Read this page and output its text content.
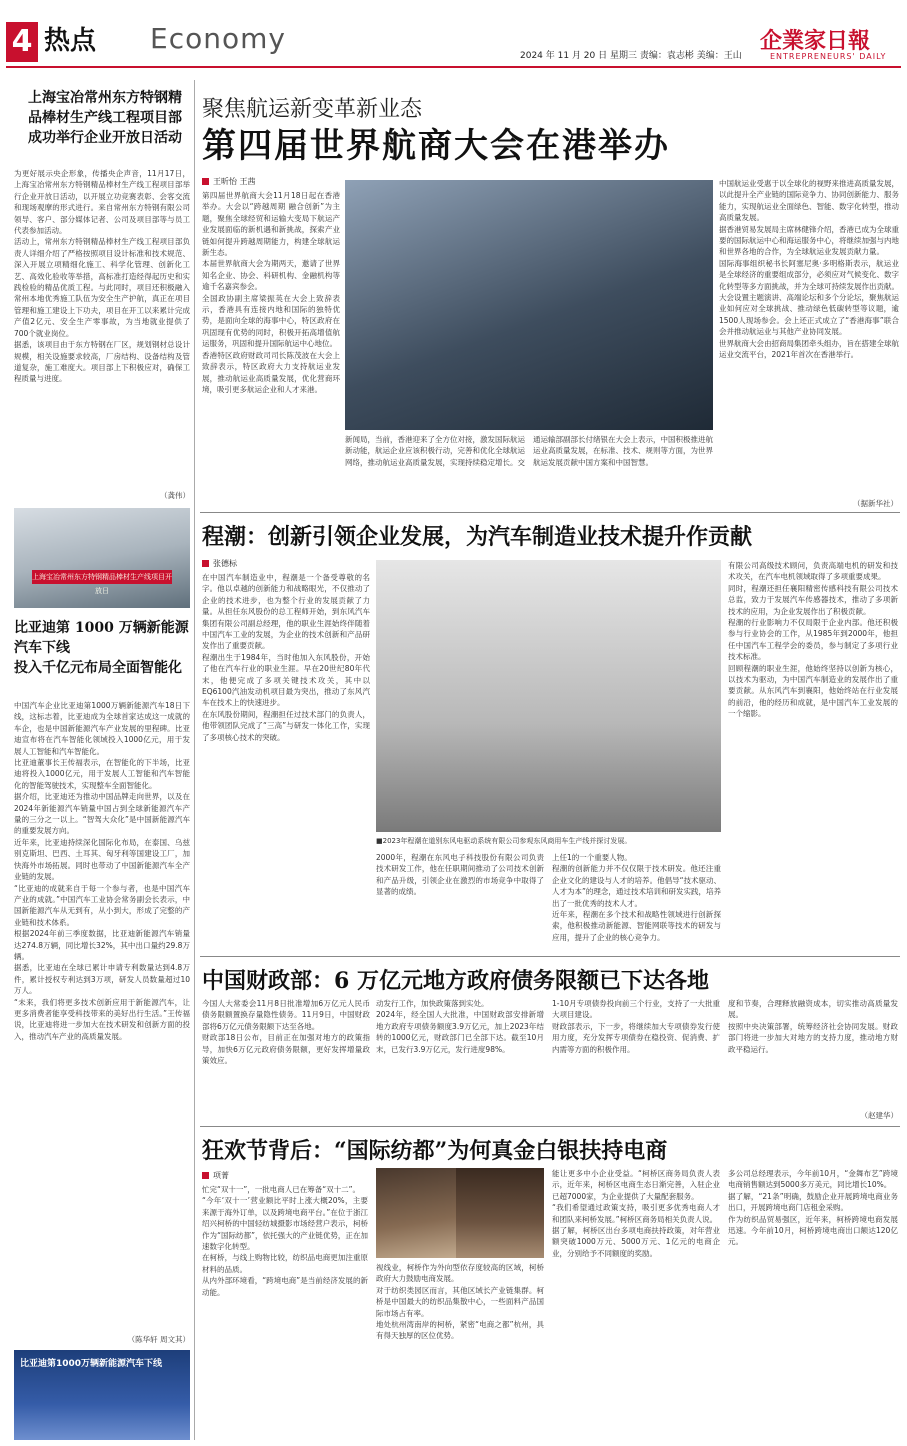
4 热点 Economy
2024 年 11 月 20 日 星期三 责编：袁志彬 美编：王山
企業家日報
ENTREPRENEURS' DAILY
上海宝冶常州东方特钢精品棒材生产线工程项目部成功举行企业开放日活动
为更好展示央企形象，传播央企声音，11月17日，上海宝冶常州东方特钢精品棒材生产线工程项目部举行企业开放日活动，以开展立功竞赛表彰、会客交流和现场观摩的形式进行。来自常州东方特钢有限公司领导、客户、部分媒体记者、公司及项目部等与员工代表参加活动。
活动上，常州东方特钢精品棒材生产线工程项目部负责人详细介绍了严格按照项目设计标准和技术规范、深入开展立项精细化施工、科学化管理、创新化工艺、高效化验收等举措，高标准打造经得起历史和实践检验的精品优质工程。与此同时，项目还积极融入常州本地优秀施工队伍为安全生产护航，真正在项目管理和施工建设上下功夫，项目在开工以来累计完成产值2亿元、安全生产零事故，为当地就业提供了700个就业岗位。
据悉，该项目由于东方特钢在厂区，规划钢材总设计规模，相关设施要求较高，厂房结构、设备结构及管道复杂，施工难度大。项目部上下积极应对，确保工程质量与进度。
（龚伟）
上海宝冶常州东方特钢精品棒材生产线项目开放日
比亚迪第 1000 万辆新能源汽车下线
投入千亿元布局全面智能化
中国汽车企业比亚迪第1000万辆新能源汽车18日下线，这标志着，比亚迪成为全球首家达成这一成就的车企，也是中国新能源汽车产业发展的里程碑。比亚迪宣布将在汽车智能化领域投入1000亿元，用于发展人工智能和汽车智能化。
比亚迪董事长王传福表示，在智能化的下半场，比亚迪将投入1000亿元，用于发展人工智能和汽车智能化的智能驾驶技术，实现整车全面智能化。
据介绍，比亚迪还为推动中国品牌走向世界，以及在2024年新能源汽车销量中国占到全球新能源汽车产量的三分之一以上。“智驾大众化”是中国新能源汽车的重要发展方向。
近年来，比亚迪持续深化国际化布局，在泰国、乌兹别克斯坦、巴西、土耳其、匈牙利等国建设工厂，加快海外市场拓展。同时也带动了中国新能源汽车全产业链的发展。
“比亚迪的成就来自于每一个参与者，也是中国汽车产业的成就。”中国汽车工业协会常务副会长表示，中国新能源汽车从无到有，从小到大，形成了完整的产业链和技术体系。
根据2024年前三季度数据，比亚迪新能源汽车销量达274.8万辆，同比增长32%，其中出口量约29.8万辆。
据悉，比亚迪在全球已累计申请专利数量达到4.8万件，累计授权专利达到3万项，研发人员数量超过10万人。
“未来，我们将更多技术创新应用于新能源汽车，让更多消费者能享受科技带来的美好出行生活。”王传福说，比亚迪将进一步加大在技术研发和创新方面的投入，推动汽车产业的高质量发展。
（陈华轩 周文其）
比亚迪第1000万辆新能源汽车下线
聚焦航运新变革新业态
第四届世界航商大会在港举办
王昕怡 王茜
第四届世界航商大会11月18日起在香港举办。大会以“跨越周期 融合创新”为主题，聚焦全球经贸和运输大变局下航运产业发展面临的新机遇和新挑战，探索产业链如何提升跨越周期能力，构建全球航运新生态。
本届世界航商大会为期两天，邀请了世界知名企业、协会、科研机构、金融机构等逾千名嘉宾参会。
全国政协副主席梁振英在大会上致辞表示，香港具有连接内地和国际的独特优势，是面向全球的海事中心，特区政府在巩固现有优势的同时，积极开拓高增值航运服务，巩固和提升国际航运中心地位。
香港特区政府财政司司长陈茂波在大会上致辞表示，特区政府大力支持航运业发展，推动航运业高质量发展，优化营商环境，吸引更多航运企业和人才来港。
新闻局，当前，香港迎来了全方位对接，激发国际航运新动能，航运企业应该积极行动，完善和优化全球航运网络，推动航运业高质量发展，实现持续稳定增长。交通运输部副部长付绪银在大会上表示，中国积极推进航运业高质量发展，在标准、技术、规则等方面，为世界航运发展贡献中国方案和中国智慧。
中国航运业受惠于以全球化的视野来推进高质量发展，以此提升全产业链的国际竞争力、协同创新能力、服务能力，实现航运业全面绿色、智能、数字化转型，推动高质量发展。
据香港贸易发展局主席林健锋介绍，香港已成为全球重要的国际航运中心和海运服务中心，将继续加强与内地和世界各地的合作，为全球航运业发展贡献力量。
国际海事组织秘书长阿塞尼奥·多明格斯表示，航运业是全球经济的重要组成部分，必须应对气候变化、数字化转型等多方面挑战，并为全球可持续发展作出贡献。
大会设置主题演讲、高端论坛和多个分论坛，聚焦航运业如何应对全球挑战、推动绿色低碳转型等议题，逾1500人现场参会。会上还正式成立了“香港海事”联合会并推动航运业与其他产业协同发展。
世界航商大会由招商局集团牵头组办，旨在搭建全球航运业交流平台，2021年首次在香港举行。
（据新华社）
程潮：创新引领企业发展，为汽车制造业技术提升作贡献
张德标
在中国汽车制造业中，程潮是一个备受尊敬的名字。他以卓越的创新能力和战略眼光，不仅推动了企业的技术进步，也为整个行业的发展贡献了力量。从担任东风股份的总工程师开始，到东风汽车集团有限公司副总经理，他的职业生涯始终伴随着中国汽车工业的发展，为企业的技术创新和产品研发作出了重要贡献。
程潮出生于1984年，当时他加入东风股份，开始了他在汽车行业的职业生涯。早在20世纪80年代末，他便完成了多项关键技术攻关，其中以EQ6100汽油发动机项目最为突出，推动了东风汽车在技术上的快速进步。
在东风股份期间，程潮担任过技术部门的负责人，他带领团队完成了“三高”与研发一体化工作，实现了多项核心技术的突破。
■2023年程潮在道别东风电驱动系统有限公司参观东风商用车生产线并探讨发展。
2000年，程潮在东风电子科技股份有限公司负责技术研发工作，他在任职期间推动了公司技术创新和产品升级，引领企业在激烈的市场竞争中取得了显著的成绩。
上任1的一个重要人物。
程潮的创新能力并不仅仅限于技术研发。他还注重企业文化的建设与人才的培养。他倡导“技术驱动、人才为本”的理念，通过技术培训和研发实践，培养出了一批优秀的技术人才。
近年来，程潮在多个技术和战略性领域进行创新探索，他积极推动新能源、智能网联等技术的研发与应用，提升了企业的核心竞争力。
有限公司高级技术顾问，负责高端电机的研发和技术攻关，在汽车电机领域取得了多项重要成果。
同时，程潮还担任襄阳精密传感科技有限公司技术总监，致力于发展汽车传感器技术，推动了多项新技术的应用，为企业发展作出了积极贡献。
程潮的行业影响力不仅局限于企业内部。他还积极参与行业协会的工作，从1985年到2000年，他担任中国汽车工程学会的委员，参与制定了多项行业技术标准。
回顾程潮的职业生涯，他始终坚持以创新为核心，以技术为驱动，为中国汽车制造业的发展作出了重要贡献。从东风汽车到襄阳，他始终站在行业发展的前沿，他的经历和成就，是中国汽车工业发展的一个缩影。
中国财政部：6 万亿元地方政府债务限额已下达各地
今国人大常委会11月8日批准增加6万亿元人民币债务限额置换存量隐性债务。11月9日，中国财政部将6万亿元债务限额下达至各地。
财政部18日公布，目前正在加强对地方的政策指导，加快6万亿元政府债务限额，更好发挥增量政策效应。
动发行工作，加快政策落到实处。
2024年，经全国人大批准，中国财政部安排新增地方政府专项债务额度3.9万亿元，加上2023年结转的1000亿元，财政部门已全部下达。截至10月末，已发行3.9万亿元，发行进度98%。
1-10月专项债券投向前三个行业，支持了一大批重大项目建设。
财政部表示，下一步，将继续加大专项债券发行使用力度，充分发挥专项债券在稳投资、促消费、扩内需等方面的积极作用。
度和节奏，合理释放融资成本，切实推动高质量发展。
按照中央决策部署，统筹经济社会协同发展。财政部门将进一步加大对地方的支持力度，推动地方财政平稳运行。
（赵建华）
狂欢节背后：“国际纺都”为何真金白银扶持电商
项菁
忙完“双十一”，一批电商人已在筹备“双十二”。
“今年‘双十一’营业额比平时上涨大概20%，主要来源于海外订单，以及跨境电商平台。”在位于浙江绍兴柯桥的中国轻纺城摄影市场经营户表示，柯桥作为“国际纺都”，依托强大的产业链优势，正在加速数字化转型。
在柯桥，与线上购物比较，纺织品电商更加注重原材料的品质。
从内外部环境看，“跨境电商”是当前经济发展的新动能。
视线业，柯桥作为外向型依存度较高的区域，柯桥政府大力鼓励电商发展。
对于纺织类园区而言，其他区域长产业链集群。柯桥是中国最大的纺织品集散中心，一些面料产品国际市场占有率。
地处杭州湾南岸的柯桥，紧密“电商之都”杭州，具有得天独厚的区位优势。
能让更多中小企业受益。“柯桥区商务局负责人表示，近年来，柯桥区电商生态日渐完善，入驻企业已超7000家，为企业提供了大量配套服务。
“我们希望通过政策支持，吸引更多优秀电商人才和团队来柯桥发展。”柯桥区商务局相关负责人说。
据了解，柯桥区出台多项电商扶持政策，对年营业额突破1000万元、5000万元、1亿元的电商企业，分别给予不同额度的奖励。
多公司总经理表示，今年前10月，“金舞布艺”跨境电商销售额达到5000多万美元，同比增长10%。
据了解，“21条”明确，鼓励企业开展跨境电商业务出口，开展跨境电商门店租金采购。
作为纺织品贸易强区，近年来，柯桥跨境电商发展迅速。今年前10月，柯桥跨境电商出口额达120亿元。
